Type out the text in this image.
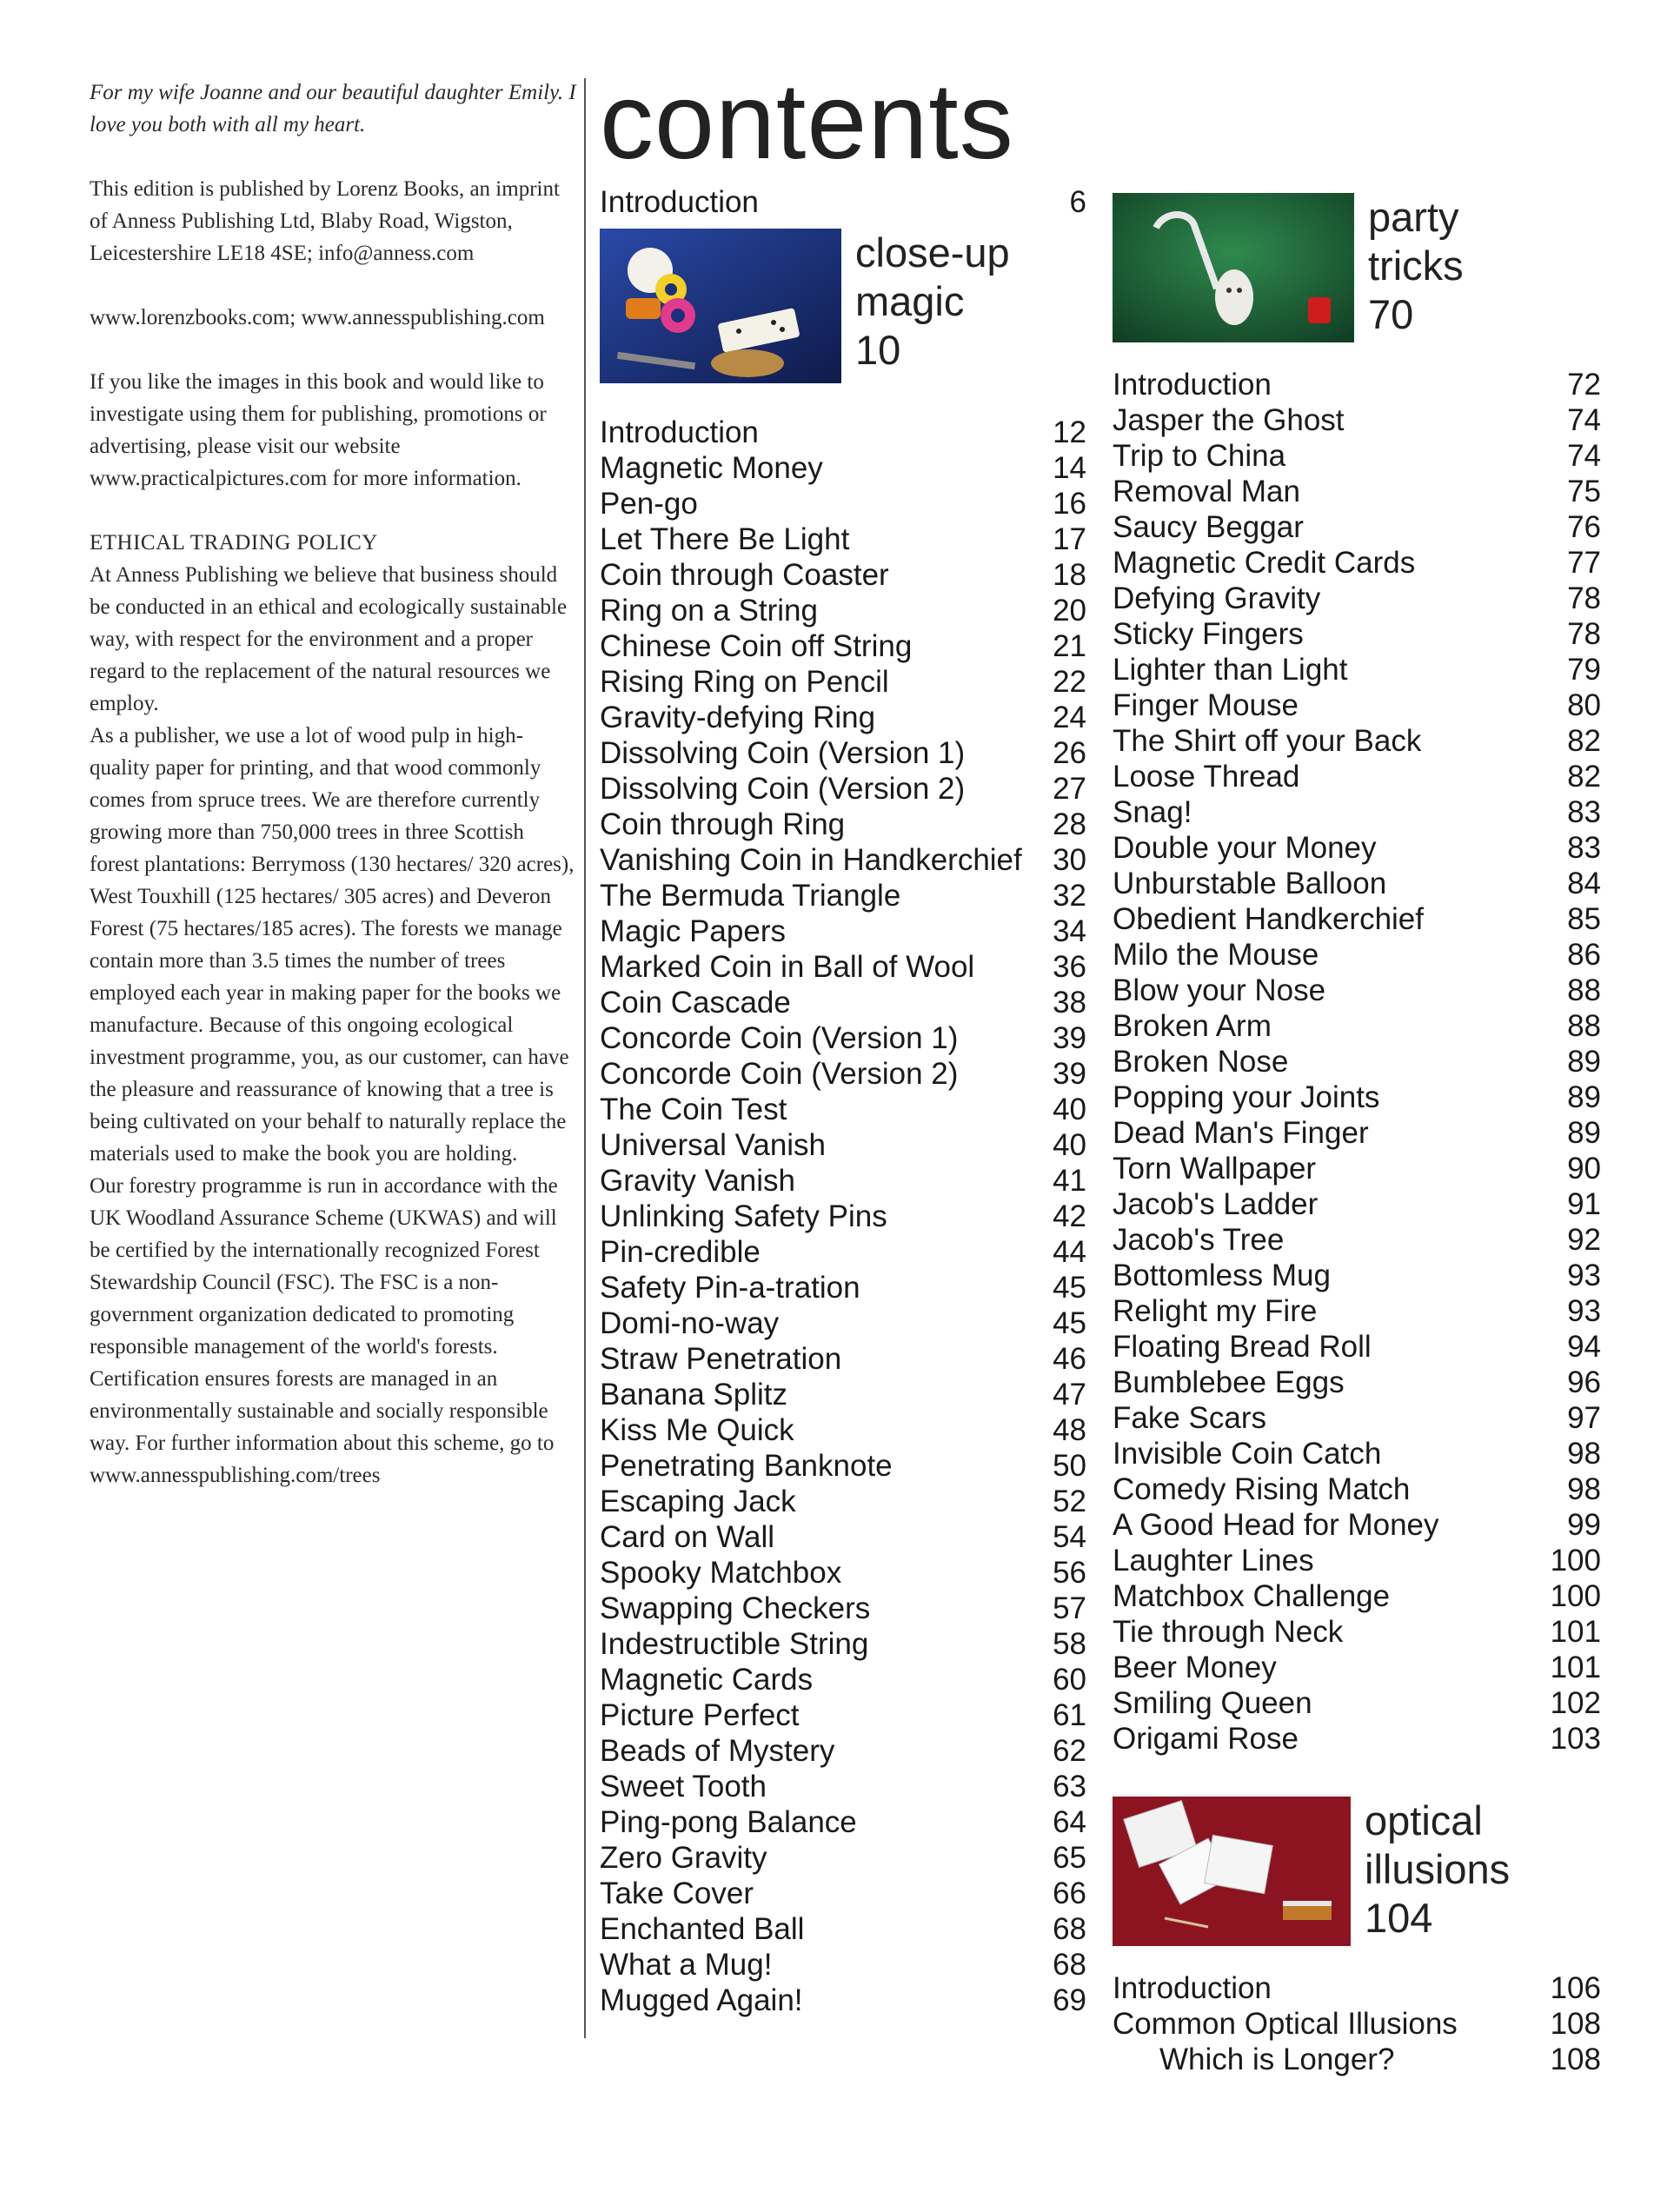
For my wife Joanne and our beautiful daughter Emily. I love you both with all my heart.

This edition is published by Lorenz Books, an imprint of Anness Publishing Ltd, Blaby Road, Wigston, Leicestershire LE18 4SE; info@anness.com

www.lorenzbooks.com; www.annesspublishing.com

If you like the images in this book and would like to investigate using them for publishing, promotions or advertising, please visit our website www.practicalpictures.com for more information.

ETHICAL TRADING POLICY

At Anness Publishing we believe that business should be conducted in an ethical and ecologically sustainable way, with respect for the environment and a proper regard to the replacement of the natural resources we employ.

As a publisher, we use a lot of wood pulp in high-quality paper for printing, and that wood commonly comes from spruce trees. We are therefore currently growing more than 750,000 trees in three Scottish forest plantations: Berrymoss (130 hectares/ 320 acres), West Touxhill (125 hectares/ 305 acres) and Deveron Forest (75 hectares/185 acres). The forests we manage contain more than 3.5 times the number of trees employed each year in making paper for the books we manufacture. Because of this ongoing ecological investment programme, you, as our customer, can have the pleasure and reassurance of knowing that a tree is being cultivated on your behalf to naturally replace the materials used to make the book you are holding.

Our forestry programme is run in accordance with the UK Woodland Assurance Scheme (UKWAS) and will be certified by the internationally recognized Forest Stewardship Council (FSC). The FSC is a non-government organization dedicated to promoting responsible management of the world's forests. Certification ensures forests are managed in an environmentally sustainable and socially responsible way. For further information about this scheme, go to www.annesspublishing.com/trees

contents
Introduction	6
close-up
magic
10
Introduction	12
Magnetic Money	14
Pen-go	16
Let There Be Light	17
Coin through Coaster	18
Ring on a String	20
Chinese Coin off String	21
Rising Ring on Pencil	22
Gravity-defying Ring	24
Dissolving Coin (Version 1)	26
Dissolving Coin (Version 2)	27
Coin through Ring	28
Vanishing Coin in Handkerchief 30
The Bermuda Triangle	32
Magic Papers	34
Marked Coin in Ball of Wool	36
Coin Cascade	38
Concorde Coin (Version 1)	39
Concorde Coin (Version 2)	39
The Coin Test	40
Universal Vanish	40
Gravity Vanish	41
Unlinking Safety Pins	42
Pin-credible	44
Safety Pin-a-tration	45
Domi-no-way	45
Straw Penetration	46
Banana Splitz	47
Kiss Me Quick	48
Penetrating Banknote	50
Escaping Jack	52
Card on Wall	54
Spooky Matchbox	56
Swapping Checkers	57
Indestructible String	58
Magnetic Cards	60
Picture Perfect	61
Beads of Mystery	62
Sweet Tooth	63
Ping-pong Balance	64
Zero Gravity	65
Take Cover	66
Enchanted Ball	68
What a Mug!	68
Mugged Again!	69
party
tricks
70
Introduction	72
Jasper the Ghost	74
Trip to China	74
Removal Man	75
Saucy Beggar	76
Magnetic Credit Cards	77
Defying Gravity	78
Sticky Fingers	78
Lighter than Light	79
Finger Mouse	80
The Shirt off your Back	82
Loose Thread	82
Snag!	83
Double your Money	83
Unburstable Balloon	84
Obedient Handkerchief	85
Milo the Mouse	86
Blow your Nose	88
Broken Arm	88
Broken Nose	89
Popping your Joints	89
Dead Man's Finger	89
Torn Wallpaper	90
Jacob's Ladder	91
Jacob's Tree	92
Bottomless Mug	93
Relight my Fire	93
Floating Bread Roll	94
Bumblebee Eggs	96
Fake Scars	97
Invisible Coin Catch	98
Comedy Rising Match	98
A Good Head for Money	99
Laughter Lines	100
Matchbox Challenge	100
Tie through Neck	101
Beer Money	101
Smiling Queen	102
Origami Rose	103
optical
illusions
104
Introduction	106
Common Optical Illusions	108
Which is Longer?	108
